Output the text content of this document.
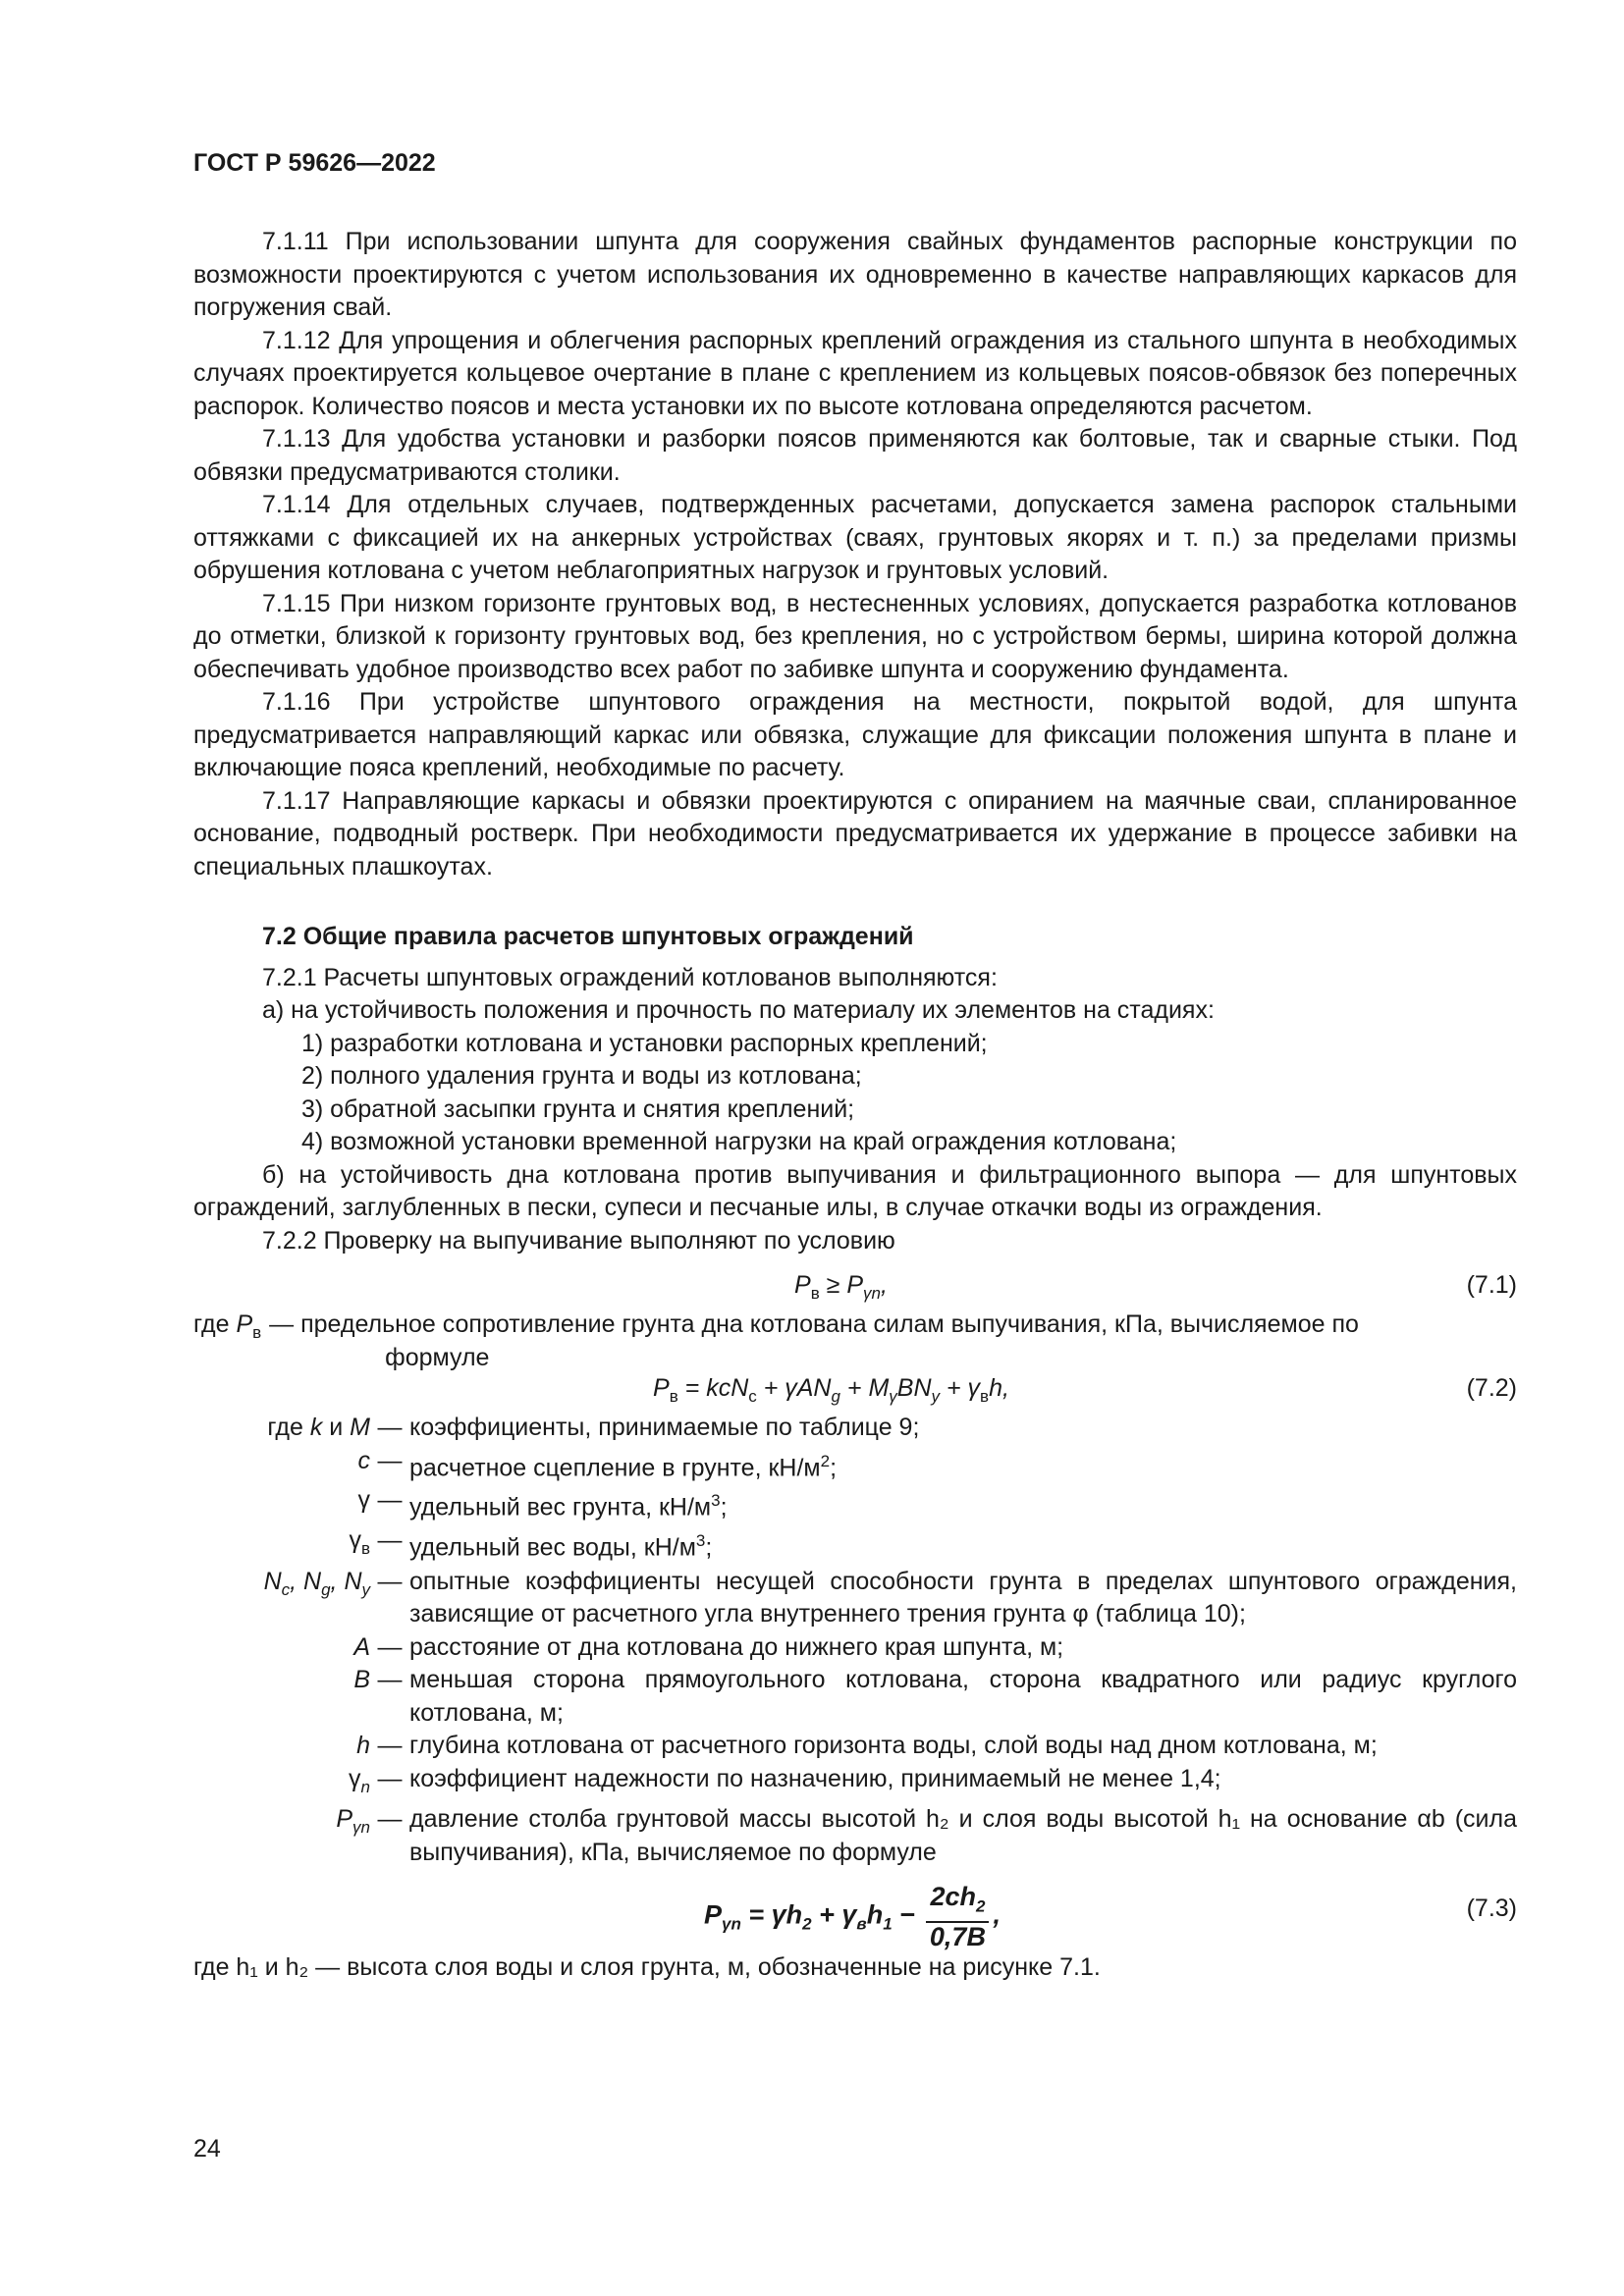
ГОСТ Р 59626—2022

7.1.11 При использовании шпунта для сооружения свайных фундаментов распорные конструкции по возможности проектируются с учетом использования их одновременно в качестве направляющих каркасов для погружения свай.

7.1.12 Для упрощения и облегчения распорных креплений ограждения из стального шпунта в необходимых случаях проектируется кольцевое очертание в плане с креплением из кольцевых поясов-обвязок без поперечных распорок. Количество поясов и места установки их по высоте котлована определяются расчетом.

7.1.13 Для удобства установки и разборки поясов применяются как болтовые, так и сварные стыки. Под обвязки предусматриваются столики.

7.1.14 Для отдельных случаев, подтвержденных расчетами, допускается замена распорок стальными оттяжками с фиксацией их на анкерных устройствах (сваях, грунтовых якорях и т. п.) за пределами призмы обрушения котлована с учетом неблагоприятных нагрузок и грунтовых условий.

7.1.15 При низком горизонте грунтовых вод, в нестесненных условиях, допускается разработка котлованов до отметки, близкой к горизонту грунтовых вод, без крепления, но с устройством бермы, ширина которой должна обеспечивать удобное производство всех работ по забивке шпунта и сооружению фундамента.

7.1.16 При устройстве шпунтового ограждения на местности, покрытой водой, для шпунта предусматривается направляющий каркас или обвязка, служащие для фиксации положения шпунта в плане и включающие пояса креплений, необходимые по расчету.

7.1.17 Направляющие каркасы и обвязки проектируются с опиранием на маячные сваи, спланированное основание, подводный ростверк. При необходимости предусматривается их удержание в процессе забивки на специальных плашкоутах.

7.2 Общие правила расчетов шпунтовых ограждений
7.2.1 Расчеты шпунтовых ограждений котлованов выполняются:
а) на устойчивость положения и прочность по материалу их элементов на стадиях:
1) разработки котлована и установки распорных креплений;
2) полного удаления грунта и воды из котлована;
3) обратной засыпки грунта и снятия креплений;
4) возможной установки временной нагрузки на край ограждения котлована;

б) на устойчивость дна котлована против выпучивания и фильтрационного выпора — для шпунтовых ограждений, заглубленных в пески, супеси и песчаные илы, в случае откачки воды из ограждения.

7.2.2 Проверку на выпучивание выполняют по условию
$P_в \ge P_{\gamma n}$,	(7.1)
где $P_в$ — предельное сопротивление грунта дна котлована силам выпучивания, кПа, вычисляемое по
формуле
$P_в = kcN_c + \gamma AN_g + M_\gamma BN_y + \gamma_вh$,	(7.2)
где k и M — коэффициенты, принимаемые по таблице 9;
c — расчетное сцепление в грунте, $кН/м^2$;
γ — удельный вес грунта, $кН/м^3$;
$\gamma_в$ — удельный вес воды, $кН/м^3$;
$N_c$, $N_g$, $N_y$ — опытные коэффициенты несущей способности грунта в пределах шпунтового ограждения, зависящие от расчетного угла внутреннего трения грунта φ (таблица 10);
A — расстояние от дна котлована до нижнего края шпунта, м;
B — меньшая сторона прямоугольного котлована, сторона квадратного или радиус круглого котлована, м;
h — глубина котлована от расчетного горизонта воды, слой воды над дном котлована, м;
$\gamma_n$ — коэффициент надежности по назначению, принимаемый не менее 1,4;
$P_{\gamma n}$ — давление столба грунтовой массы высотой h₂ и слоя воды высотой h₁ на основание αb (сила выпучивания), кПа, вычисляемое по формуле
$P_{\gamma n} = \gamma h_2 + \gamma_вh_1 - \frac{2ch_2}{0,7B}$ ,	(7.3)
где h₁ и h₂ — высота слоя воды и слоя грунта, м, обозначенные на рисунке 7.1.
24
